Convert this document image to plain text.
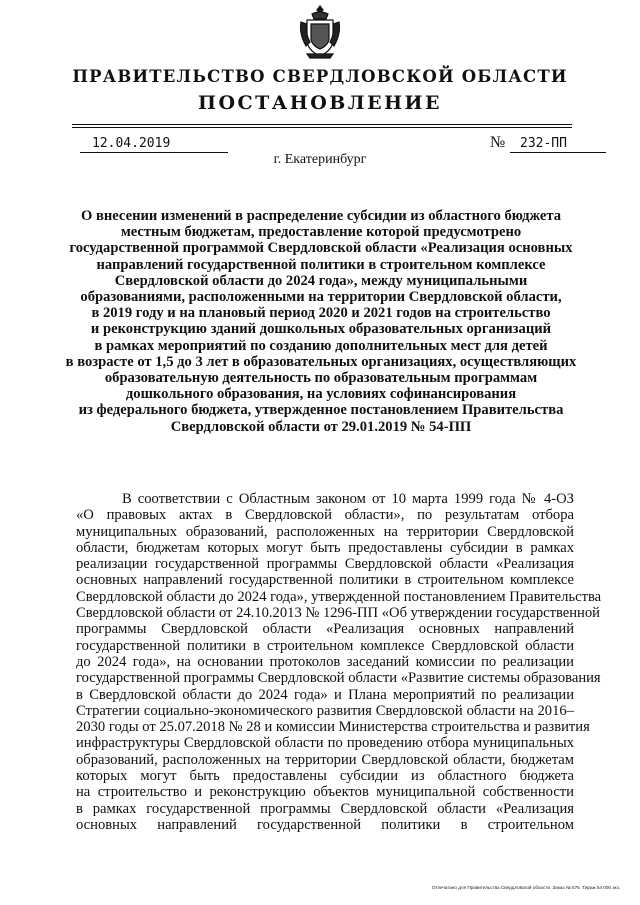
ПРАВИТЕЛЬСТВО СВЕРДЛОВСКОЙ ОБЛАСТИ
ПОСТАНОВЛЕНИЕ
12.04.2019	№	232-ПП
г. Екатеринбург
О внесении изменений в распределение субсидии из областного бюджета
местным бюджетам, предоставление которой предусмотрено
государственной программой Свердловской области «Реализация основных
направлений государственной политики в строительном комплексе
Свердловской области до 2024 года», между муниципальными
образованиями, расположенными на территории Свердловской области,
в 2019 году и на плановый период 2020 и 2021 годов на строительство
и реконструкцию зданий дошкольных образовательных организаций
в рамках мероприятий по созданию дополнительных мест для детей
в возрасте от 1,5 до 3 лет в образовательных организациях, осуществляющих
образовательную деятельность по образовательным программам
дошкольного образования, на условиях софинансирования
из федерального бюджета, утвержденное постановлением Правительства
Свердловской области от 29.01.2019 № 54-ПП
В соответствии с Областным законом от 10 марта 1999 года № 4-ОЗ
«О правовых актах в Свердловской области», по результатам отбора
муниципальных образований, расположенных на территории Свердловской
области, бюджетам которых могут быть предоставлены субсидии в рамках
реализации государственной программы Свердловской области «Реализация
основных направлений государственной политики в строительном комплексе
Свердловской области до 2024 года», утвержденной постановлением Правительства
Свердловской области от 24.10.2013 № 1296-ПП «Об утверждении государственной
программы Свердловской области «Реализация основных направлений
государственной политики в строительном комплексе Свердловской области
до 2024 года», на основании протоколов заседаний комиссии по реализации
государственной программы Свердловской области «Развитие системы образования
в Свердловской области до 2024 года» и Плана мероприятий по реализации
Стратегии социально-экономического развития Свердловской области на 2016–
2030 годы от 25.07.2018 № 28 и комиссии Министерства строительства и развития
инфраструктуры Свердловской области по проведению отбора муниципальных
образований, расположенных на территории Свердловской области, бюджетам
которых могут быть предоставлены субсидии из областного бюджета
на строительство и реконструкцию объектов муниципальной собственности
в рамках государственной программы Свердловской области «Реализация
основных направлений государственной политики в строительном
Отпечатано для Правительства Свердловской области. Заказ № 575. Тираж 54 000 экз.
